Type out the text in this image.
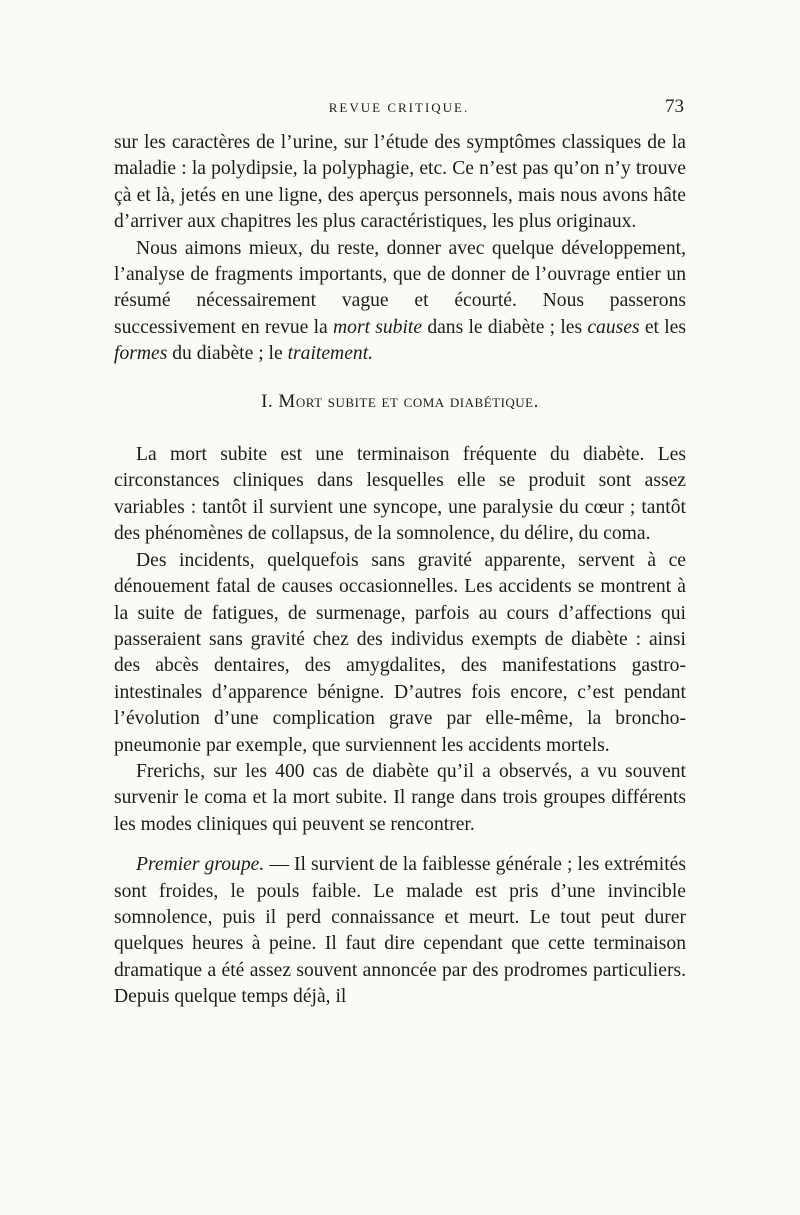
REVUE CRITIQUE.	73

sur les caractères de l’urine, sur l’étude des symptômes classiques de la maladie : la polydipsie, la polyphagie, etc. Ce n’est pas qu’on n’y trouve çà et là, jetés en une ligne, des aperçus personnels, mais nous avons hâte d’arriver aux chapitres les plus caractéristiques, les plus originaux.

Nous aimons mieux, du reste, donner avec quelque développement, l’analyse de fragments importants, que de donner de l’ouvrage entier un résumé nécessairement vague et écourté. Nous passerons successivement en revue la mort subite dans le diabète ; les causes et les formes du diabète ; le traitement.

I. Mort subite et coma diabétique.

La mort subite est une terminaison fréquente du diabète. Les circonstances cliniques dans lesquelles elle se produit sont assez variables : tantôt il survient une syncope, une paralysie du cœur ; tantôt des phénomènes de collapsus, de la somnolence, du délire, du coma.

Des incidents, quelquefois sans gravité apparente, servent à ce dénouement fatal de causes occasionnelles. Les accidents se montrent à la suite de fatigues, de surmenage, parfois au cours d’affections qui passeraient sans gravité chez des individus exempts de diabète : ainsi des abcès dentaires, des amygdalites, des manifestations gastro-intestinales d’apparence bénigne. D’autres fois encore, c’est pendant l’évolution d’une complication grave par elle-même, la broncho-pneumonie par exemple, que surviennent les accidents mortels.

Frerichs, sur les 400 cas de diabète qu’il a observés, a vu souvent survenir le coma et la mort subite. Il range dans trois groupes différents les modes cliniques qui peuvent se rencontrer.

Premier groupe. — Il survient de la faiblesse générale ; les extrémités sont froides, le pouls faible. Le malade est pris d’une invincible somnolence, puis il perd connaissance et meurt. Le tout peut durer quelques heures à peine. Il faut dire cependant que cette terminaison dramatique a été assez souvent annoncée par des prodromes particuliers. Depuis quelque temps déjà, il
